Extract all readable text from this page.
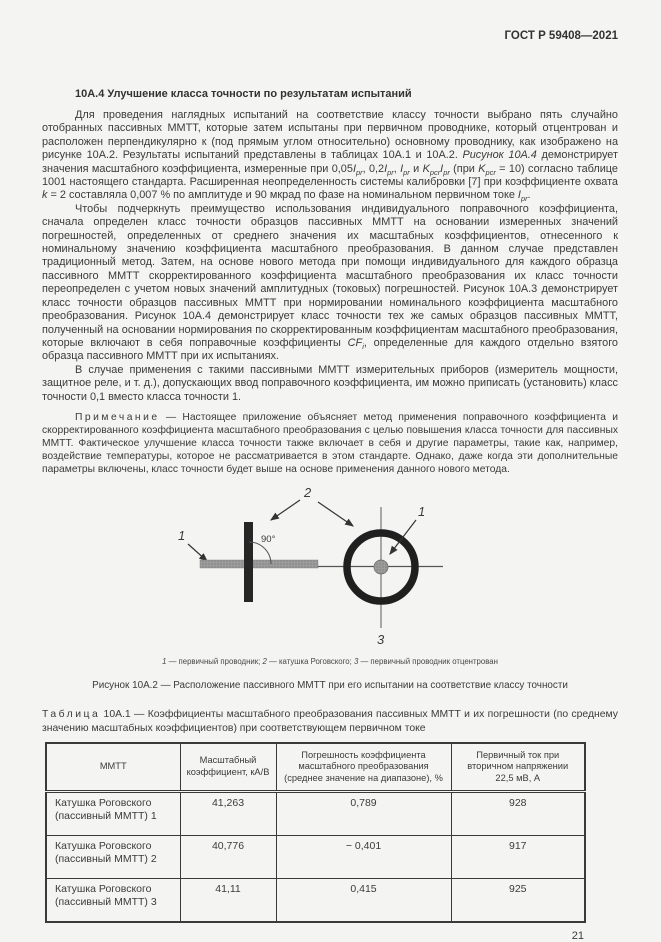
ГОСТ Р 59408—2021
10А.4 Улучшение класса точности по результатам испытаний

Для проведения наглядных испытаний на соответствие классу точности выбрано пять случайно отобранных пассивных ММТТ, которые затем испытаны при первичном проводнике, который отцентрован и расположен перпендикулярно к (под прямым углом относительно) основному проводнику, как изображено на рисунке 10А.2. Результаты испытаний представлены в таблицах 10А.1 и 10А.2. Рисунок 10А.4 демонстрирует значения масштабного коэффициента, измеренные при $0,05I_{pr}$, $0,2I_{pr}$, $I_{pr}$ и $K_{pcr}I_{pr}$ (при $K_{pcr} = 10$) согласно таблице 1001 настоящего стандарта. Расширенная неопределенность системы калибровки [7] при коэффициенте охвата k = 2 составляла 0,007 % по амплитуде и 90 мкрад по фазе на номинальном первичном токе $I_{pr}$.

Чтобы подчеркнуть преимущество использования индивидуального поправочного коэффициента, сначала определен класс точности образцов пассивных ММТТ на основании измеренных значений погрешностей, определенных от среднего значения их масштабных коэффициентов, отнесенного к номинальному значению коэффициента масштабного преобразования. В данном случае представлен традиционный метод. Затем, на основе нового метода при помощи индивидуального для каждого образца пассивного ММТТ скорректированного коэффициента масштабного преобразования их класс точности переопределен с учетом новых значений амплитудных (токовых) погрешностей. Рисунок 10А.3 демонстрирует класс точности образцов пассивных ММТТ при нормировании номинального коэффициента масштабного преобразования. Рисунок 10А.4 демонстрирует класс точности тех же самых образцов пассивных ММТТ, полученный на основании нормирования по скорректированным коэффициентам масштабного преобразования, которые включают в себя поправочные коэффициенты $CF_i$, определенные для каждого отдельно взятого образца пассивного ММТТ при их испытаниях.

В случае применения с такими пассивными ММТТ измерительных приборов (измеритель мощности, защитное реле, и т. д.), допускающих ввод поправочного коэффициента, им можно приписать (установить) класс точности 0,1 вместо класса точности 1.

Примечание — Настоящее приложение объясняет метод применения поправочного коэффициента и скорректированного коэффициента масштабного преобразования с целью повышения класса точности для пассивных ММТТ. Фактическое улучшение класса точности также включает в себя и другие параметры, такие как, например, воздействие температуры, которое не рассматривается в этом стандарте. Однако, даже когда эти дополнительные параметры включены, класс точности будет выше на основе применения данного нового метода.

1	90°
2
1
3
1 — первичный проводник; 2 — катушка Роговского; 3 — первичный проводник отцентрован
Рисунок 10А.2 — Расположение пассивного ММТТ при его испытании на соответствие классу точности
Таблица 10А.1 — Коэффициенты масштабного преобразования пассивных ММТТ и их погрешности (по среднему значению масштабных коэффициентов) при соответствующем первичном токе
ММТТ	Масштабный коэффициент, кА/В	Погрешность коэффициента масштабного преобразования (среднее значение на диапазоне), %	Первичный ток при вторичном напряжении 22,5 мВ, А
Катушка Роговского (пассивный ММТТ) 1	41,263	0,789	928
Катушка Роговского (пассивный ММТТ) 2	40,776	− 0,401	917
Катушка Роговского (пассивный ММТТ) 3	41,11	0,415	925
21
